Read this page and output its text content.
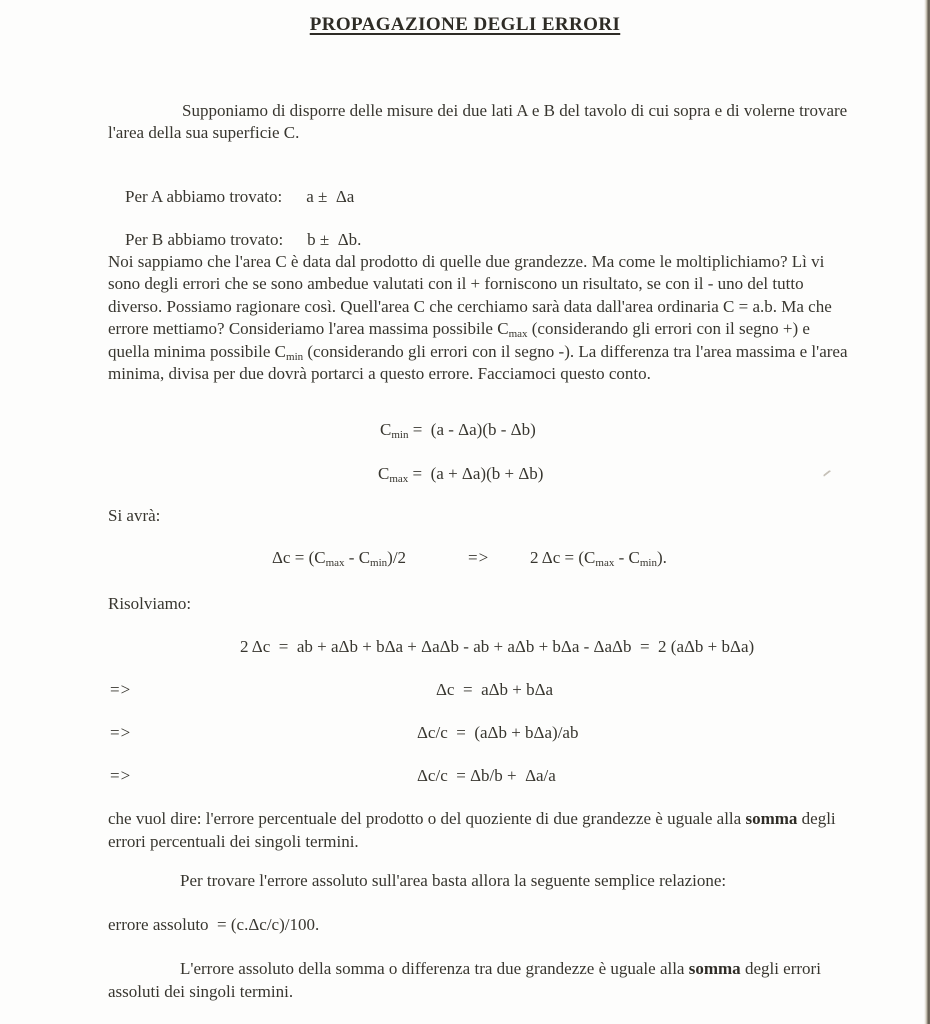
PROPAGAZIONE DEGLI ERRORI
Supponiamo di disporre delle misure dei due lati A e B del tavolo di cui sopra e di volerne trovare l'area della sua superficie C.

Per A abbiamo trovato: a ±  Δa

Per B abbiamo trovato: b ±  Δb.

Noi sappiamo che l'area C è data dal prodotto di quelle due grandezze. Ma come le moltiplichiamo? Lì vi sono degli errori che se sono ambedue valutati con il + forniscono un risultato, se con il - uno del tutto diverso. Possiamo ragionare così. Quell'area C che cerchiamo sarà data dall'area ordinaria C = a.b. Ma che errore mettiamo? Consideriamo l'area massima possibile $C_{max}$ (considerando gli errori con il segno +) e quella minima possibile $C_{min}$ (considerando gli errori con il segno -). La differenza tra l'area massima e l'area minima, divisa per due dovrà portarci a questo errore. Facciamoci questo conto.
$C_{min} = (a - \Delta a)(b - \Delta b)$
$C_{max} = (a + \Delta a)(b + \Delta b)$
Si avrà:
$\Delta c = (C_{max} - C_{min})/2$	=> 2 $\Delta c = (C_{max} - C_{min})$.
Risolviamo:
2 Δc  =  ab + aΔb + bΔa + ΔaΔb - ab + aΔb + bΔa - ΔaΔb  =  2 (aΔb + bΔa)
=>	Δc  =  aΔb + bΔa
=>	Δc/c  =  (aΔb + bΔa)/ab
=>	Δc/c  = Δb/b +  Δa/a
che vuol dire: l'errore percentuale del prodotto o del quoziente di due grandezze è uguale alla somma degli errori percentuali dei singoli termini.
Per trovare l'errore assoluto sull'area basta allora la seguente semplice relazione:
errore assoluto  = (c.Δc/c)/100.
L'errore assoluto della somma o differenza tra due grandezze è uguale alla somma degli errori assoluti dei singoli termini.
